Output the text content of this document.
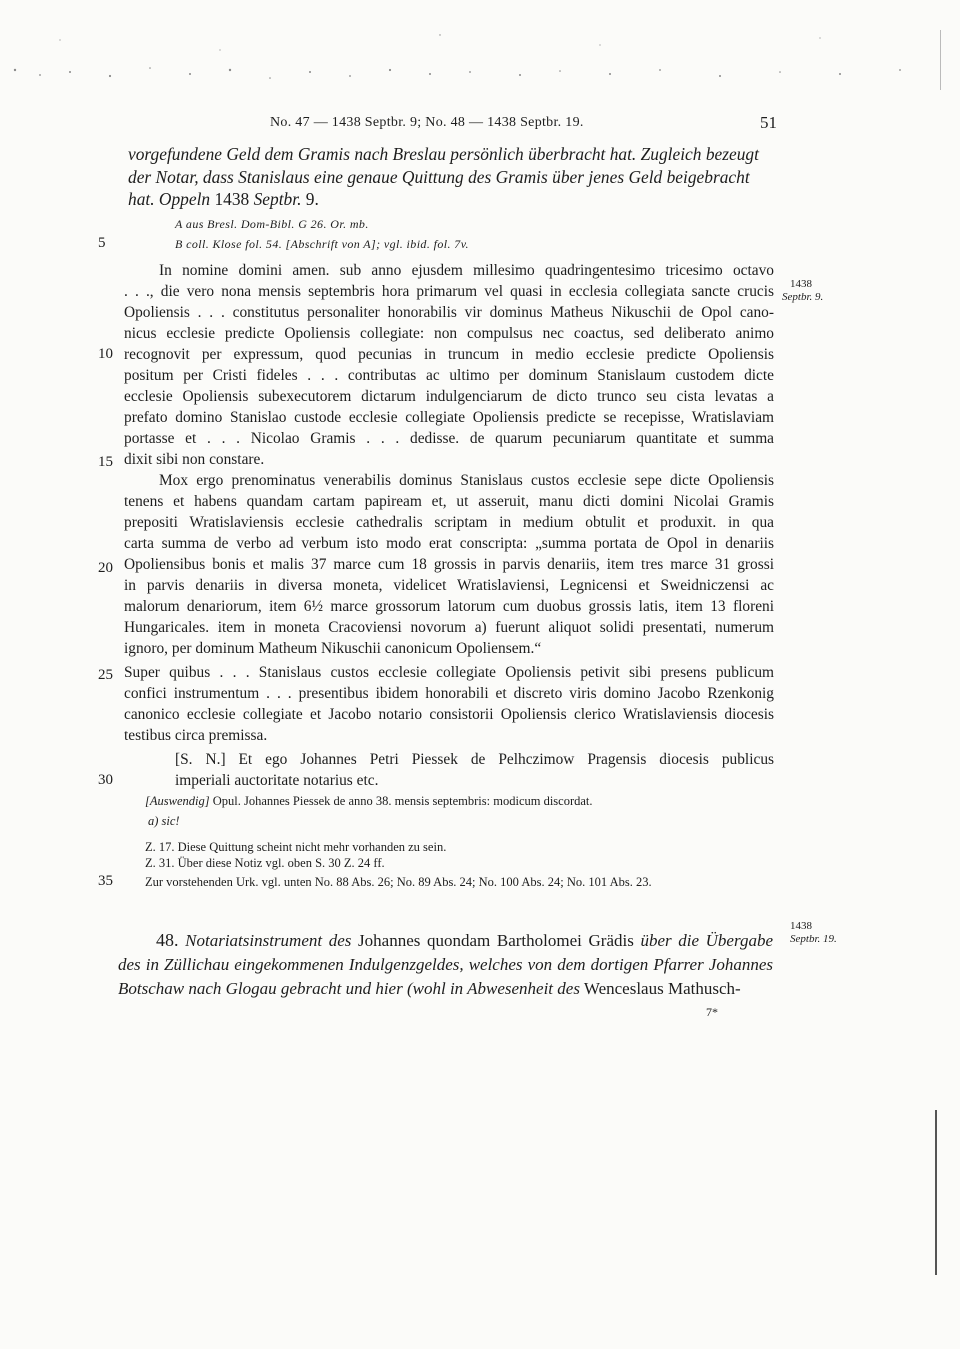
No. 47 — 1438 Septbr. 9; No. 48 — 1438 Septbr. 19.	51
vorgefundene Geld dem Gramis nach Breslau persönlich überbracht hat. Zugleich bezeugt
der Notar, dass Stanislaus eine genaue Quittung des Gramis über jenes Geld beigebracht
hat. Oppeln 1438 Septbr. 9.
A aus Bresl. Dom-Bibl. G 26. Or. mb.
B coll. Klose fol. 54. [Abschrift von A]; vgl. ibid. fol. 7v.
5
10
15
20
25
30
35
In nomine domini amen. sub anno ejusdem millesimo quadringentesimo tricesimo octavo
. . ., die vero nona mensis septembris hora primarum vel quasi in ecclesia collegiata sancte crucis
Opoliensis . . . constitutus personaliter honorabilis vir dominus Matheus Nikuschii de Opol cano-
nicus ecclesie predicte Opoliensis collegiate: non compulsus nec coactus, sed deliberato animo
recognovit per expressum, quod pecunias in truncum in medio ecclesie predicte Opoliensis
positum per Cristi fideles . . . contributas ac ultimo per dominum Stanislaum custodem dicte
ecclesie Opoliensis subexecutorem dictarum indulgenciarum de dicto trunco seu cista levatas a
prefato domino Stanislao custode ecclesie collegiate Opoliensis predicte se recepisse, Wratislaviam
portasse et . . . Nicolao Gramis . . . dedisse. de quarum pecuniarum quantitate et summa
dixit sibi non constare.
Mox ergo prenominatus venerabilis dominus Stanislaus custos ecclesie sepe dicte Opoliensis
tenens et habens quandam cartam papiream et, ut asseruit, manu dicti domini Nicolai Gramis
prepositi Wratislaviensis ecclesie cathedralis scriptam in medium obtulit et produxit. in qua
carta summa de verbo ad verbum isto modo erat conscripta: „summa portata de Opol in denariis
Opoliensibus bonis et malis 37 marce cum 18 grossis in parvis denariis, item tres marce 31 grossi
in parvis denariis in diversa moneta, videlicet Wratislaviensi, Legnicensi et Sweidniczensi ac
malorum denariorum, item 6½ marce grossorum latorum cum duobus grossis latis, item 13 floreni
Hungaricales. item in moneta Cracoviensi novorum a) fuerunt aliquot solidi presentati, numerum
ignoro, per dominum Matheum Nikuschii canonicum Opoliensem.“
Super quibus . . . Stanislaus custos ecclesie collegiate Opoliensis petivit sibi presens publicum
confici instrumentum . . . presentibus ibidem honorabili et discreto viris domino Jacobo Rzenkonig
canonico ecclesie collegiate et Jacobo notario consistorii Opoliensis clerico Wratislaviensis diocesis
testibus circa premissa.
[S. N.] Et ego Johannes Petri Piessek de Pelhczimow Pragensis diocesis publicus
imperiali auctoritate notarius etc.
1438
Septbr. 9.
[Auswendig] Opul. Johannes Piessek de anno 38. mensis septembris: modicum discordat.
a) sic!
Z. 17. Diese Quittung scheint nicht mehr vorhanden zu sein.
Z. 31. Über diese Notiz vgl. oben S. 30 Z. 24 ff.
Zur vorstehenden Urk. vgl. unten No. 88 Abs. 26; No. 89 Abs. 24; No. 100 Abs. 24; No. 101 Abs. 23.
48. Notariatsinstrument des Johannes quondam Bartholomei Grädis über die Übergabe des in Züllichau eingekommenen Indulgenzgeldes, welches von dem dortigen Pfarrer Johannes Botschaw nach Glogau gebracht und hier (wohl in Abwesenheit des Wenceslaus Mathusch-
1438
Septbr. 19.
7*
